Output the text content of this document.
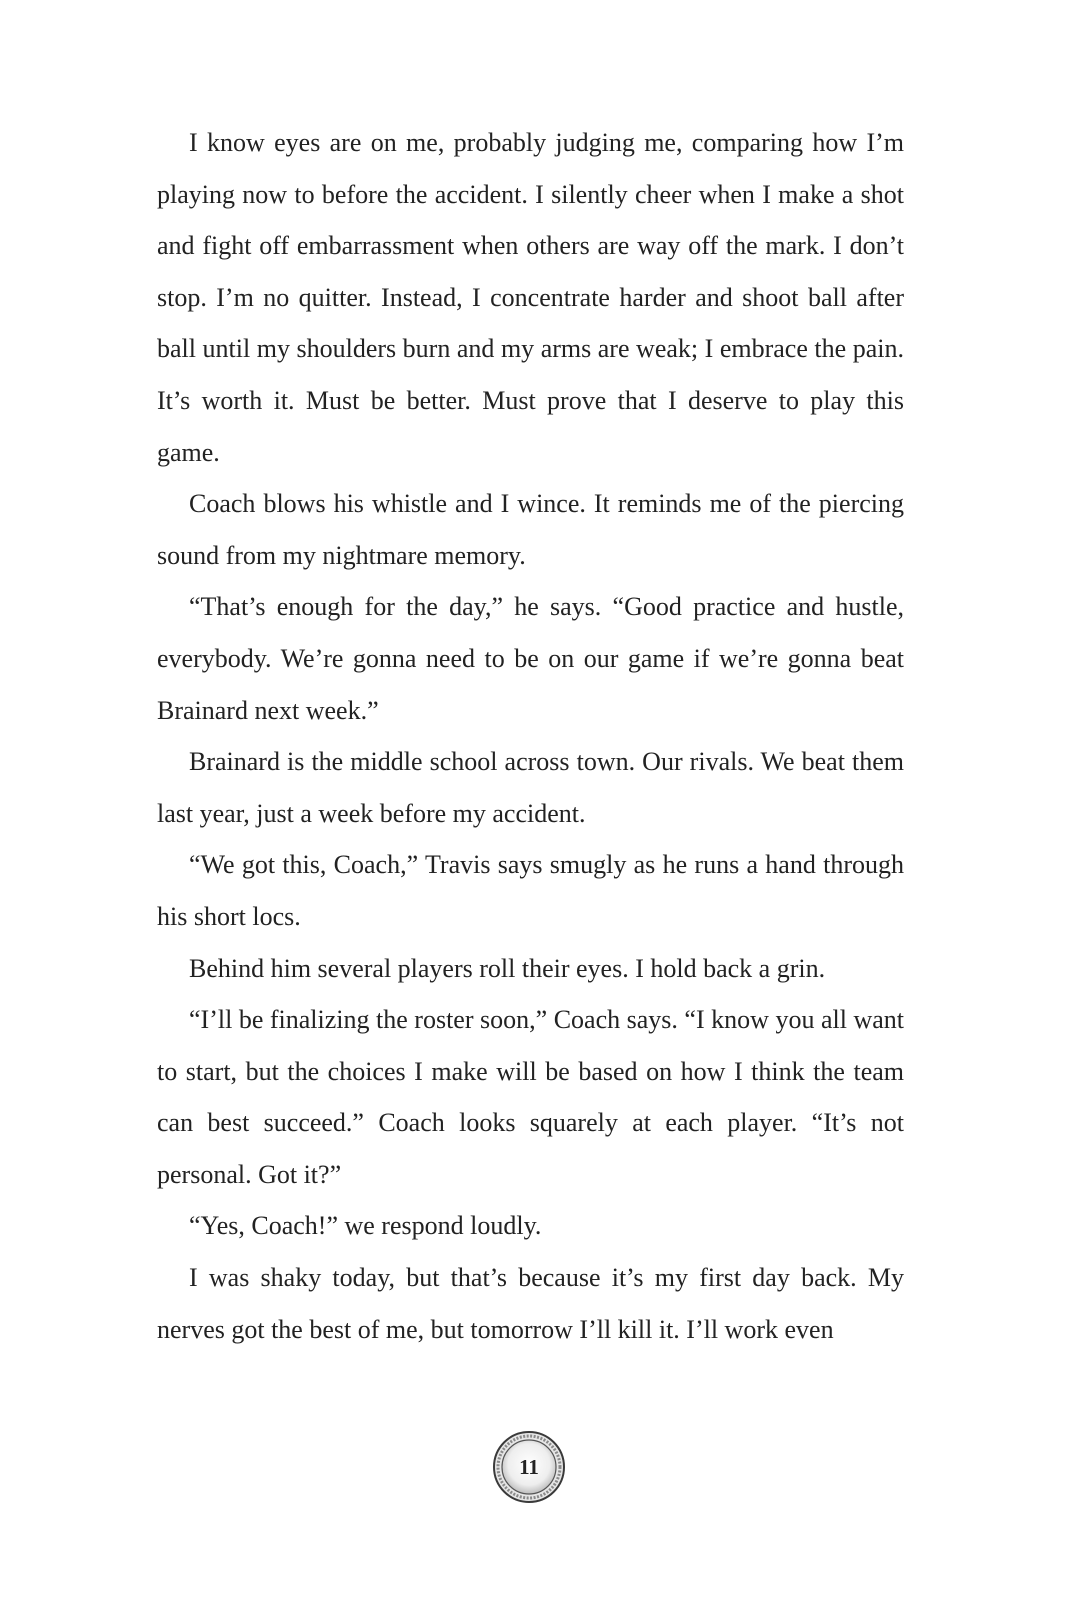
I know eyes are on me, probably judging me, comparing how I’m playing now to before the accident. I silently cheer when I make a shot and fight off embarrassment when others are way off the mark. I don’t stop. I’m no quitter. Instead, I concentrate harder and shoot ball after ball until my shoulders burn and my arms are weak; I embrace the pain. It’s worth it. Must be better. Must prove that I deserve to play this game.

Coach blows his whistle and I wince. It reminds me of the piercing sound from my nightmare memory.

“That’s enough for the day,” he says. “Good practice and hustle, everybody. We’re gonna need to be on our game if we’re gonna beat Brainard next week.”

Brainard is the middle school across town. Our rivals. We beat them last year, just a week before my accident.

“We got this, Coach,” Travis says smugly as he runs a hand through his short locs.

Behind him several players roll their eyes. I hold back a grin.

“I’ll be finalizing the roster soon,” Coach says. “I know you all want to start, but the choices I make will be based on how I think the team can best succeed.” Coach looks squarely at each player. “It’s not personal. Got it?”

“Yes, Coach!” we respond loudly.

I was shaky today, but that’s because it’s my first day back. My nerves got the best of me, but tomorrow I’ll kill it. I’ll work even

11
